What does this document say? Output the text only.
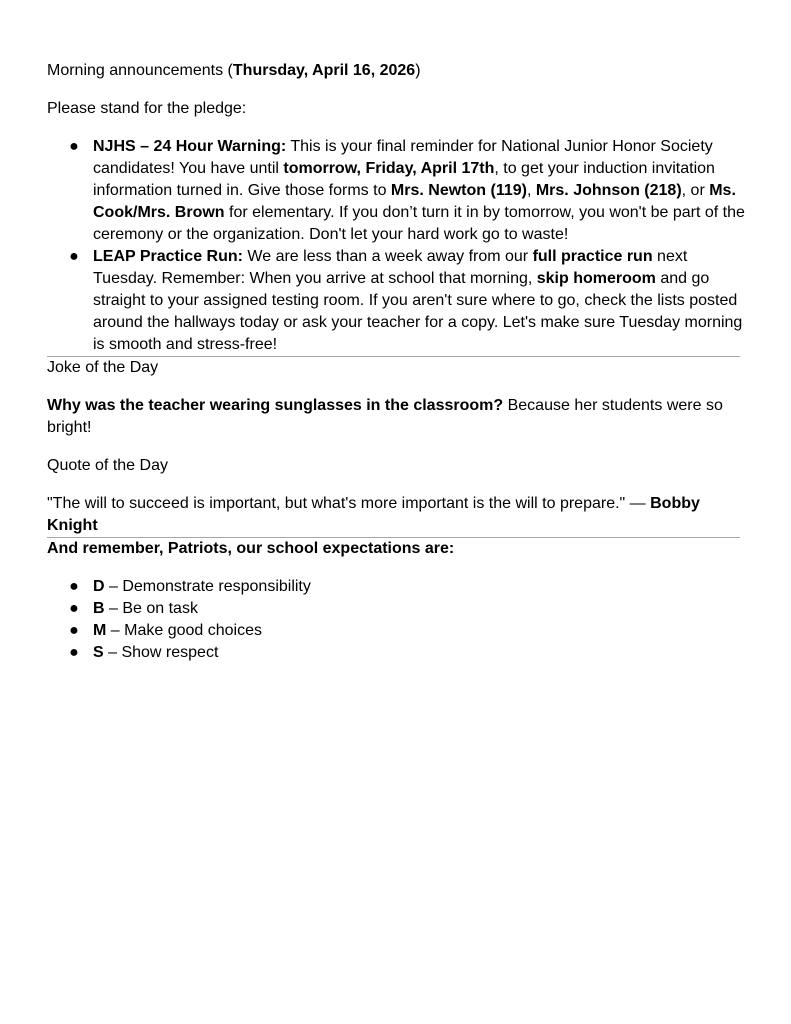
Morning announcements (Thursday, April 16, 2026)

Please stand for the pledge:

● NJHS – 24 Hour Warning: This is your final reminder for National Junior Honor Society candidates! You have until tomorrow, Friday, April 17th, to get your induction invitation information turned in. Give those forms to Mrs. Newton (119), Mrs. Johnson (218), or Ms. Cook/Mrs. Brown for elementary. If you don’t turn it in by tomorrow, you won't be part of the ceremony or the organization. Don't let your hard work go to waste!
● LEAP Practice Run: We are less than a week away from our full practice run next Tuesday. Remember: When you arrive at school that morning, skip homeroom and go straight to your assigned testing room. If you aren't sure where to go, check the lists posted around the hallways today or ask your teacher for a copy. Let's make sure Tuesday morning is smooth and stress-free!

Joke of the Day

Why was the teacher wearing sunglasses in the classroom? Because her students were so bright!

Quote of the Day

"The will to succeed is important, but what's more important is the will to prepare." — Bobby Knight

And remember, Patriots, our school expectations are:

● D – Demonstrate responsibility
● B – Be on task
● M – Make good choices
● S – Show respect
